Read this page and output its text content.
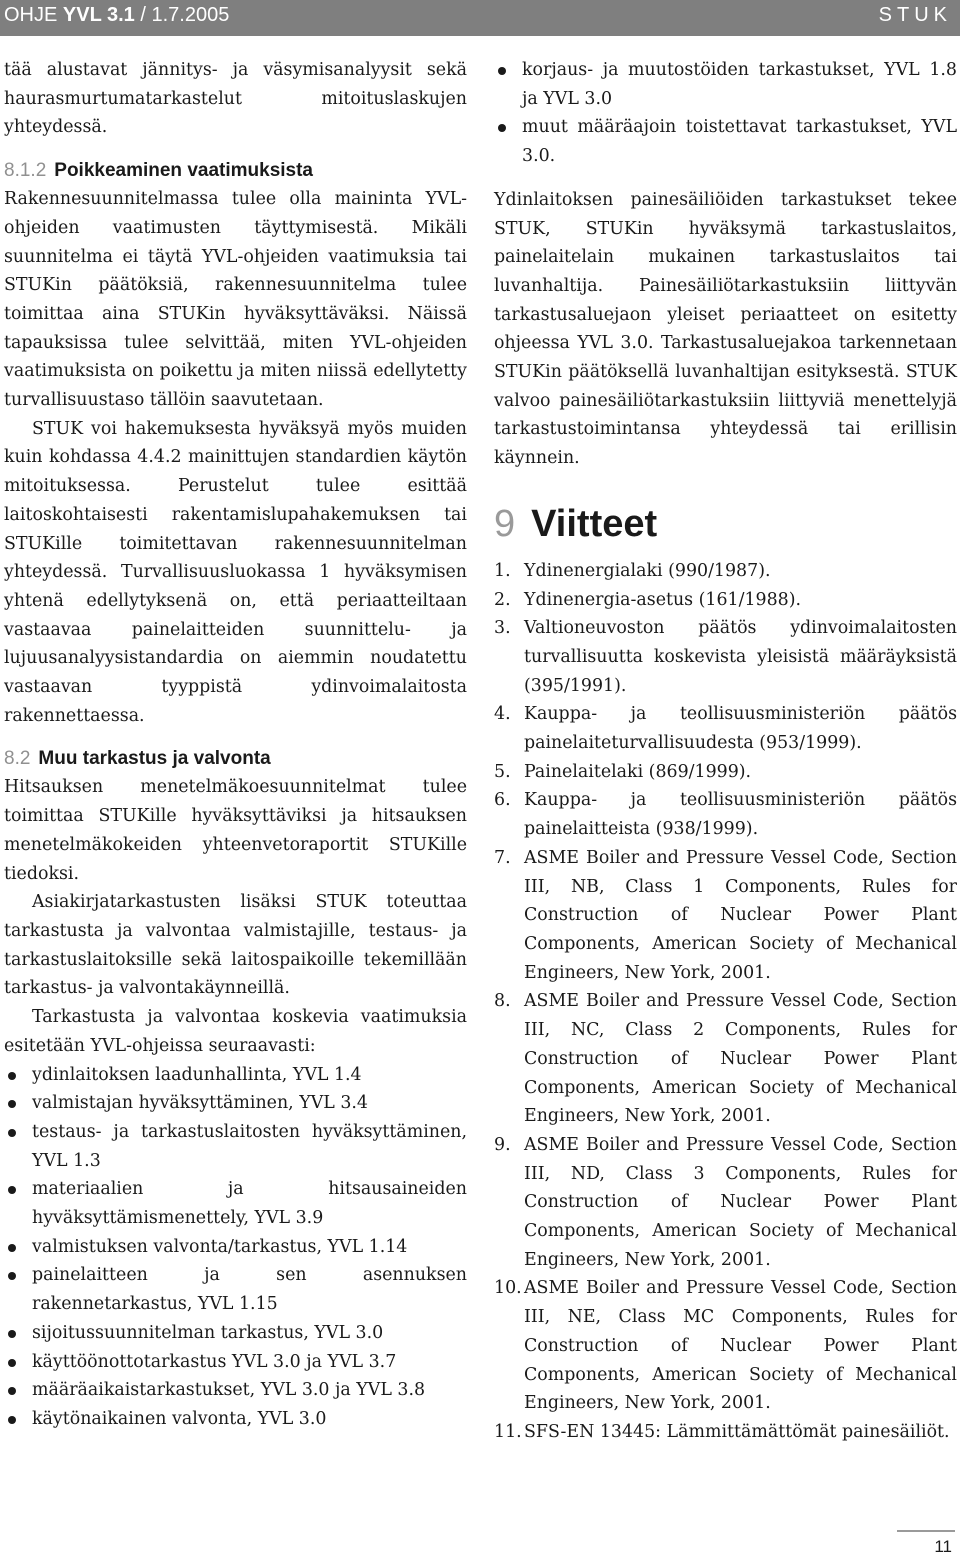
OHJE YVL 3.1 / 1.7.2005	STUK

tää alustavat jännitys- ja väsymisanalyysit sekä haurasmurtumatarkastelut mitoituslaskujen yhteydessä.

8.1.2 Poikkeaminen vaatimuksista

Rakennesuunnitelmassa tulee olla maininta YVL-ohjeiden vaatimusten täyttymisestä. Mikäli suunnitelma ei täytä YVL-ohjeiden vaatimuksia tai STUKin päätöksiä, rakennesuunnitelma tulee toimittaa aina STUKin hyväksyttäväksi. Näissä tapauksissa tulee selvittää, miten YVL-ohjeiden vaatimuksista on poikettu ja miten niissä edellytetty turvallisuustaso tällöin saavutetaan.

STUK voi hakemuksesta hyväksyä myös muiden kuin kohdassa 4.4.2 mainittujen standardien käytön mitoituksessa. Perustelut tulee esittää laitoskohtaisesti rakentamislupahakemuksen tai STUKille toimitettavan rakennesuunnitelman yhteydessä. Turvallisuusluokassa 1 hyväksymisen yhtenä edellytyksenä on, että periaatteiltaan vastaavaa painelaitteiden suunnittelu- ja lujuusanalyysistandardia on aiemmin noudatettu vastaavan tyyppistä ydinvoimalaitosta rakennettaessa.

8.2 Muu tarkastus ja valvonta

Hitsauksen menetelmäkoesuunnitelmat tulee toimittaa STUKille hyväksyttäviksi ja hitsauksen menetelmäkokeiden yhteenvetoraportit STUKille tiedoksi.

Asiakirjatarkastusten lisäksi STUK toteuttaa tarkastusta ja valvontaa valmistajille, testaus- ja tarkastuslaitoksille sekä laitospaikoille tekemillään tarkastus- ja valvontakäynneillä.

Tarkastusta ja valvontaa koskevia vaatimuksia esitetään YVL-ohjeissa seuraavasti:

ydinlaitoksen laadunhallinta, YVL 1.4
valmistajan hyväksyttäminen, YVL 3.4
testaus- ja tarkastuslaitosten hyväksyttäminen, YVL 1.3
materiaalien ja hitsausaineiden hyväksyttämismenettely, YVL 3.9
valmistuksen valvonta/tarkastus, YVL 1.14
painelaitteen ja sen asennuksen rakennetarkastus, YVL 1.15
sijoitussuunnitelman tarkastus, YVL 3.0
käyttöönottotarkastus YVL 3.0 ja YVL 3.7
määräaikaistarkastukset, YVL 3.0 ja YVL 3.8
käytönaikainen valvonta, YVL 3.0
korjaus- ja muutostöiden tarkastukset, YVL 1.8 ja YVL 3.0
muut määräajoin toistettavat tarkastukset, YVL 3.0.

Ydinlaitoksen painesäiliöiden tarkastukset tekee STUK, STUKin hyväksymä tarkastuslaitos, painelaitelain mukainen tarkastuslaitos tai luvanhaltija. Painesäiliötarkastuksiin liittyvän tarkastusaluejaon yleiset periaatteet on esitetty ohjeessa YVL 3.0. Tarkastusaluejakoa tarkennetaan STUKin päätöksellä luvanhaltijan esityksestä. STUK valvoo painesäiliötarkastuksiin liittyviä menettelyjä tarkastustoimintansa yhteydessä tai erillisin käynnein.

9 Viitteet
1. Ydinenergialaki (990/1987).
2. Ydinenergia-asetus (161/1988).
3. Valtioneuvoston päätös ydinvoimalaitosten turvallisuutta koskevista yleisistä määräyksistä (395/1991).
4. Kauppa- ja teollisuusministeriön päätös painelaiteturvallisuudesta (953/1999).
5. Painelaitelaki (869/1999).
6. Kauppa- ja teollisuusministeriön päätös painelaitteista (938/1999).
7. ASME Boiler and Pressure Vessel Code, Section III, NB, Class 1 Components, Rules for Construction of Nuclear Power Plant Components, American Society of Mechanical Engineers, New York, 2001.
8. ASME Boiler and Pressure Vessel Code, Section III, NC, Class 2 Components, Rules for Construction of Nuclear Power Plant Components, American Society of Mechanical Engineers, New York, 2001.
9. ASME Boiler and Pressure Vessel Code, Section III, ND, Class 3 Components, Rules for Construction of Nuclear Power Plant Components, American Society of Mechanical Engineers, New York, 2001.
10. ASME Boiler and Pressure Vessel Code, Section III, NE, Class MC Components, Rules for Construction of Nuclear Power Plant Components, American Society of Mechanical Engineers, New York, 2001.
11. SFS-EN 13445: Lämmittämättömät painesäiliöt.
11
